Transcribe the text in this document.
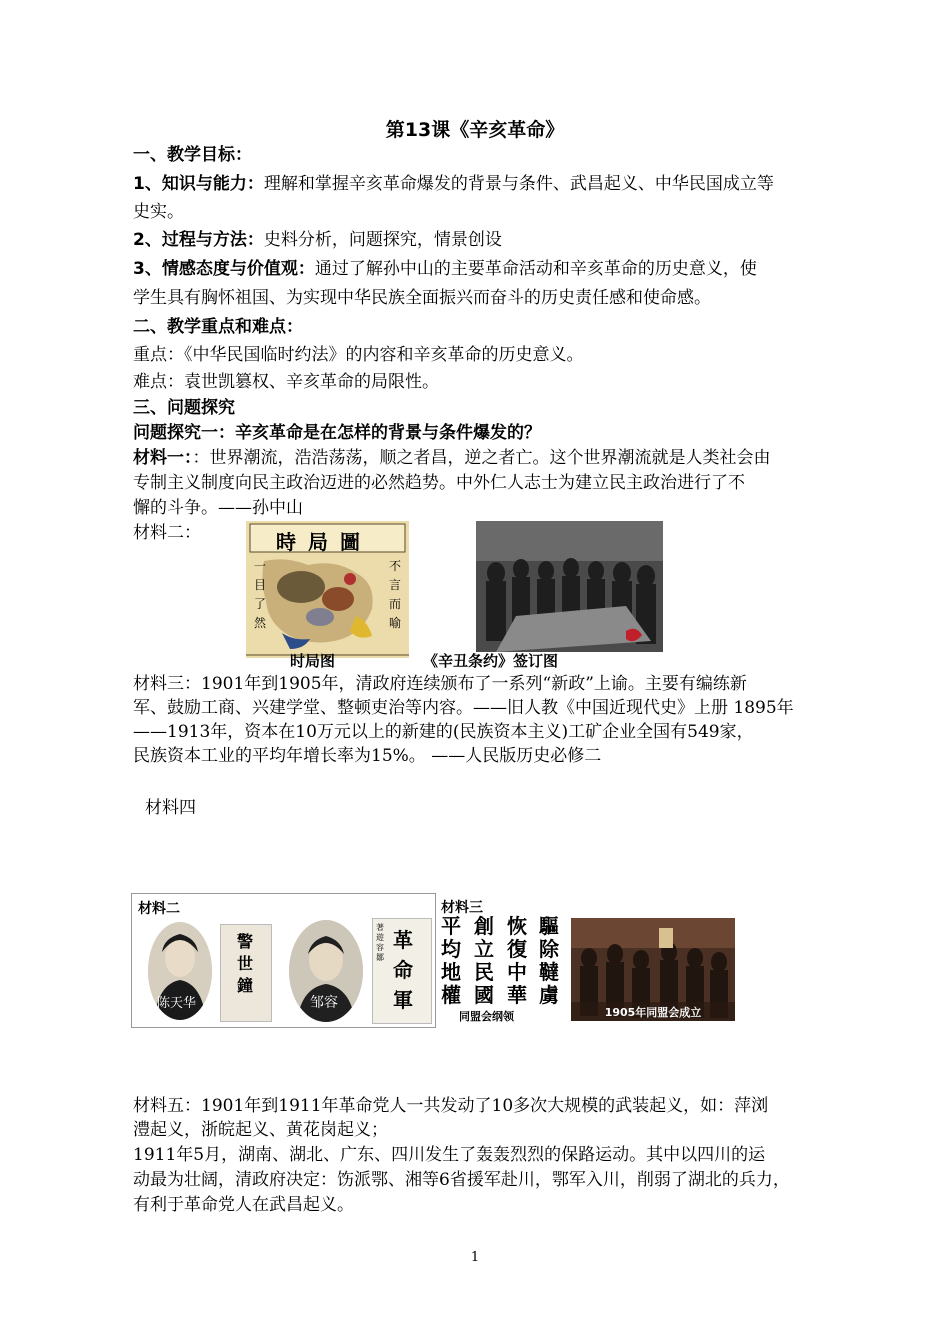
第13课《辛亥革命》
一、教学目标：
1、知识与能力：理解和掌握辛亥革命爆发的背景与条件、武昌起义、中华民国成立等
史实。
2、过程与方法：史料分析，问题探究，情景创设
3、情感态度与价值观：通过了解孙中山的主要革命活动和辛亥革命的历史意义，使
学生具有胸怀祖国、为实现中华民族全面振兴而奋斗的历史责任感和使命感。
二、教学重点和难点：
重点：《中华民国临时约法》的内容和辛亥革命的历史意义。
难点：袁世凯篡权、辛亥革命的局限性。
三、问题探究
问题探究一：辛亥革命是在怎样的背景与条件爆发的？
材料一：：世界潮流，浩浩荡荡，顺之者昌，逆之者亡。这个世界潮流就是人类社会由
专制主义制度向民主政治迈进的必然趋势。中外仁人志士为建立民主政治进行了不
懈的斗争。——孙中山
材料二：	時局圖
一目了然
不言而喻
时局图	《辛丑条约》签订图
材料三：1901年到1905年，清政府连续颁布了一系列“新政”上谕。主要有编练新
军、鼓励工商、兴建学堂、整顿吏治等内容。——旧人教《中国近现代史》上册 1895年
——1913年，资本在10万元以上的新建的(民族资本主义)工矿企业全国有549家，
民族资本工业的平均年增长率为15%。 ——人民版历史必修二
材料四
材料二
陈天华
警世鐘
邹容
著遊容鄒
革命軍
材料三
驅除韃虜
恢復中華
創立民國
平均地權
同盟会纲领	1905年同盟会成立
材料五：1901年到1911年革命党人一共发动了10多次大规模的武装起义，如：萍浏
澧起义，浙皖起义、黄花岗起义；
1911年5月，湖南、湖北、广东、四川发生了轰轰烈烈的保路运动。其中以四川的运
动最为壮阔，清政府决定：饬派鄂、湘等6省援军赴川，鄂军入川，削弱了湖北的兵力，
有利于革命党人在武昌起义。
1
